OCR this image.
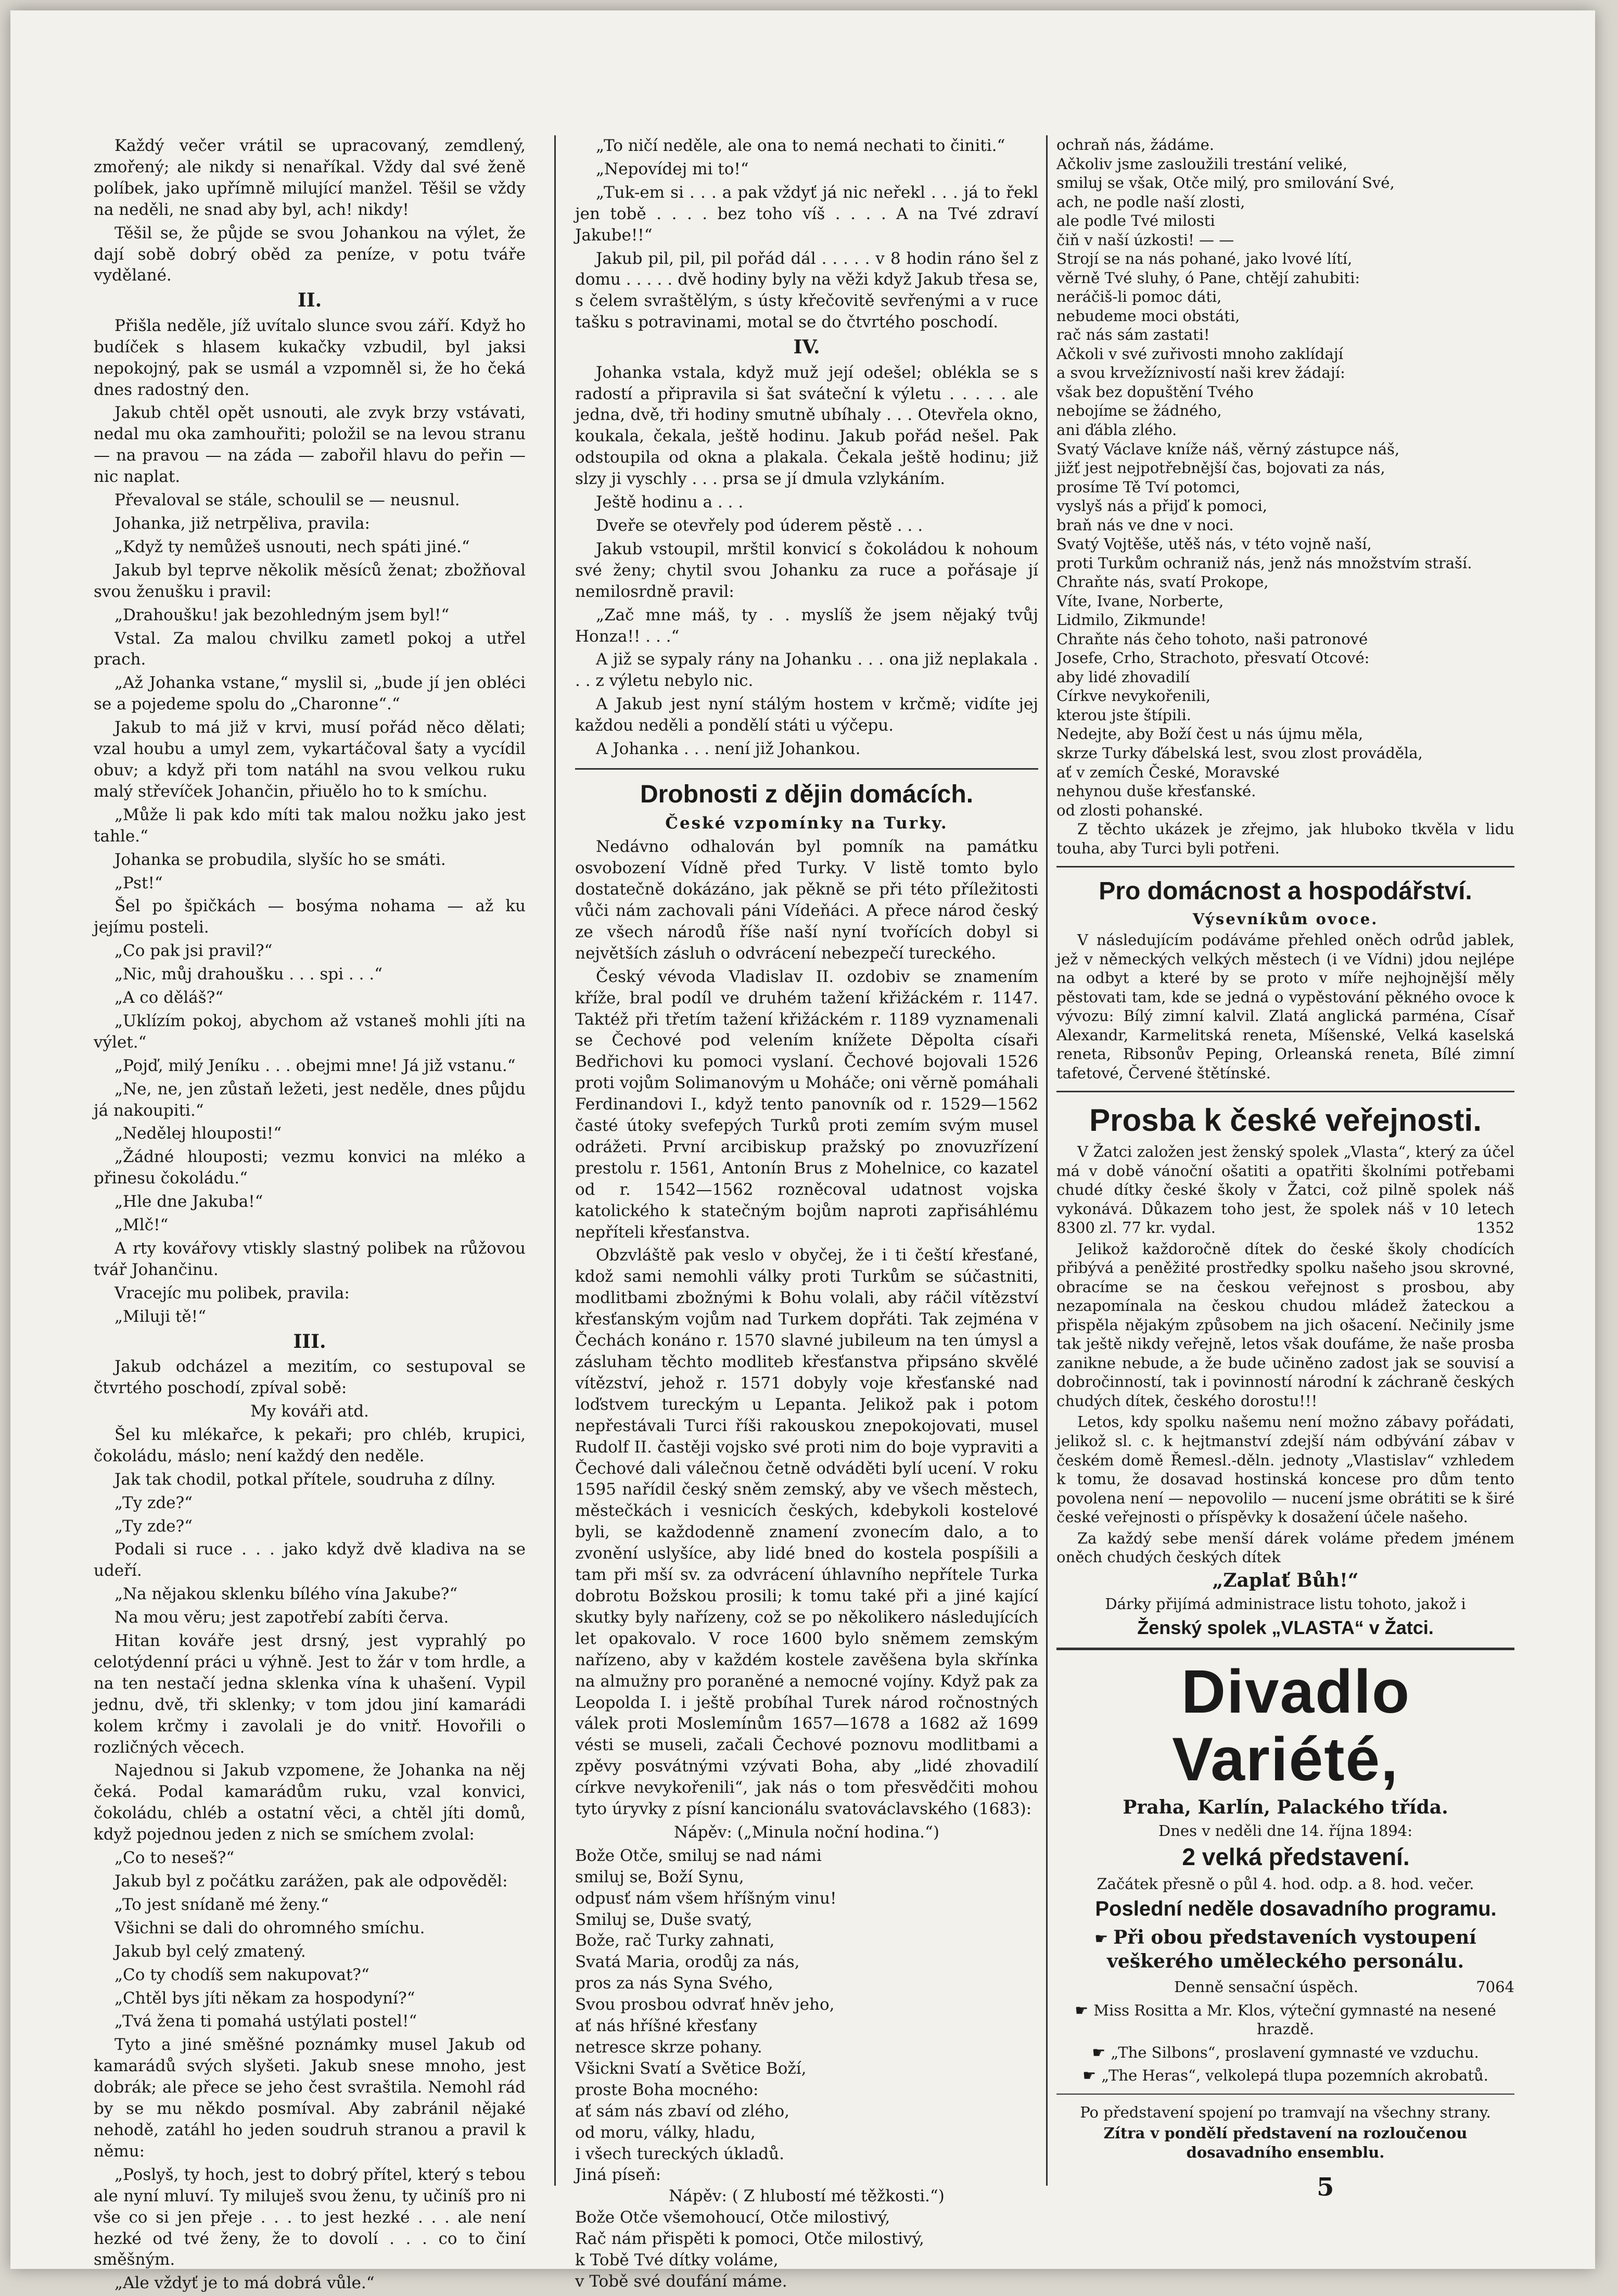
Každý večer vrátil se upracovaný, zemdlený, zmořený; ale nikdy si nenaříkal. Vždy dal své ženě políbek, jako upřímně milující manžel. Těšil se vždy na neděli, ne snad aby byl, ach! nikdy!

Těšil se, že půjde se svou Johankou na výlet, že dají sobě dobrý oběd za peníze, v potu tváře vydělané.

II.

Přišla neděle, jíž uvítalo slunce svou září. Když ho budíček s hlasem kukačky vzbudil, byl jaksi nepokojný, pak se usmál a vzpomněl si, že ho čeká dnes radostný den.

Jakub chtěl opět usnouti, ale zvyk brzy vstávati, nedal mu oka zamhouřiti; položil se na levou stranu — na pravou — na záda — zabořil hlavu do peřin — nic naplat.

Převaloval se stále, schoulil se — neusnul.

Johanka, již netrpěliva, pravila:

„Když ty nemůžeš usnouti, nech spáti jiné.“

Jakub byl teprve několik měsíců ženat; zbožňoval svou ženušku i pravil:

„Drahoušku! jak bezohledným jsem byl!“

Vstal. Za malou chvilku zametl pokoj a utřel prach.

„Až Johanka vstane,“ myslil si, „bude jí jen obléci se a pojedeme spolu do „Charonne“.“

Jakub to má již v krvi, musí pořád něco dělati; vzal houbu a umyl zem, vykartáčoval šaty a vycídil obuv; a když při tom natáhl na svou velkou ruku malý střevíček Johančin, přiuělo ho to k smíchu.

„Může li pak kdo míti tak malou nožku jako jest tahle.“

Johanka se probudila, slyšíc ho se smáti.

„Pst!“

Šel po špičkách — bosýma nohama — až ku jejímu posteli.

„Co pak jsi pravil?“

„Nic, můj drahoušku . . . spi . . .“

„A co děláš?“

„Uklízím pokoj, abychom až vstaneš mohli jíti na výlet.“

„Pojď, milý Jeníku . . . obejmi mne! Já již vstanu.“

„Ne, ne, jen zůstaň ležeti, jest neděle, dnes půjdu já nakoupiti.“

„Nedělej hlouposti!“

„Žádné hlouposti; vezmu konvici na mléko a přinesu čokoládu.“

„Hle dne Jakuba!“

„Mlč!“

A rty kovářovy vtiskly slastný polibek na růžovou tvář Johančinu.

Vracejíc mu polibek, pravila:

„Miluji tě!“

III.

Jakub odcházel a mezitím, co sestupoval se čtvrtého poschodí, zpíval sobě:

My kováři atd.

Šel ku mlékařce, k pekaři; pro chléb, krupici, čokoládu, máslo; není každý den neděle.

Jak tak chodil, potkal přítele, soudruha z dílny.

„Ty zde?“

„Ty zde?“

Podali si ruce . . . jako když dvě kladiva na se udeří.

„Na nějakou sklenku bílého vína Jakube?“

Na mou věru; jest zapotřebí zabíti červa.

Hitan kováře jest drsný, jest vyprahlý po celotýdenní práci u výhně. Jest to žár v tom hrdle, a na ten nestačí jedna sklenka vína k uhašení. Vypil jednu, dvě, tři sklenky; v tom jdou jiní kamarádi kolem krčmy i zavolali je do vnitř. Hovořili o rozličných věcech.

Najednou si Jakub vzpomene, že Johanka na něj čeká. Podal kamarádům ruku, vzal konvici, čokoládu, chléb a ostatní věci, a chtěl jíti domů, když pojednou jeden z nich se smíchem zvolal:

„Co to neseš?“

Jakub byl z počátku zarážen, pak ale odpověděl:

„To jest snídaně mé ženy.“

Všichni se dali do ohromného smíchu.

Jakub byl celý zmatený.

„Co ty chodíš sem nakupovat?“

„Chtěl bys jíti někam za hospodyní?“

„Tvá žena ti pomahá ustýlati postel!“

Tyto a jiné směšné poznámky musel Jakub od kamarádů svých slyšeti. Jakub snese mnoho, jest dobrák; ale přece se jeho čest svraštila. Nemohl rád by se mu někdo posmíval. Aby zabránil nějaké nehodě, zatáhl ho jeden soudruh stranou a pravil k němu:

„Poslyš, ty hoch, jest to dobrý přítel, který s tebou ale nyní mluví. Ty miluješ svou ženu, ty učiníš pro ni vše co si jen přeje . . . to jest hezké . . . ale není hezké od tvé ženy, že to dovolí . . . co to činí směšným.

„Ale vždyť je to má dobrá vůle.“

„To ničí neděle, ale ona to nemá nechati to činiti.“

„Nepovídej mi to!“

„Tuk-em si . . . a pak vždyť já nic neřekl . . . já to řekl jen tobě . . . . bez toho víš . . . . A na Tvé zdraví Jakube!!“

Jakub pil, pil, pil pořád dál . . . . . v 8 hodin ráno šel z domu . . . . . dvě hodiny byly na věži když Jakub třesa se, s čelem svraštělým, s ústy křečovitě sevřenými a v ruce tašku s potravinami, motal se do čtvrtého poschodí.

IV.

Johanka vstala, když muž její odešel; oblékla se s radostí a připravila si šat sváteční k výletu . . . . . ale jedna, dvě, tři hodiny smutně ubíhaly . . . Otevřela okno, koukala, čekala, ještě hodinu. Jakub pořád nešel. Pak odstoupila od okna a plakala. Čekala ještě hodinu; již slzy ji vyschly . . . prsa se jí dmula vzlykáním.

Ještě hodinu a . . .

Dveře se otevřely pod úderem pěstě . . .

Jakub vstoupil, mrštil konvicí s čokoládou k nohoum své ženy; chytil svou Johanku za ruce a pořásaje jí nemilosrdně pravil:

„Zač mne máš, ty . . myslíš že jsem nějaký tvůj Honza!! . . .“

A již se sypaly rány na Johanku . . . ona již neplakala . . . z výletu nebylo nic.

A Jakub jest nyní stálým hostem v krčmě; vidíte jej každou neděli a pondělí státi u výčepu.

A Johanka . . . není již Johankou.

Drobnosti z dějin domácích.

České vzpomínky na Turky.

Nedávno odhalován byl pomník na památku osvobození Vídně před Turky. V listě tomto bylo dostatečně dokázáno, jak pěkně se při této příležitosti vůči nám zachovali páni Vídeňáci. A přece národ český ze všech národů říše naší nyní tvořících dobyl si největších zásluh o odvrácení nebezpečí tureckého.

Český vévoda Vladislav II. ozdobiv se znamením kříže, bral podíl ve druhém tažení křižáckém r. 1147. Taktéž při třetím tažení křižáckém r. 1189 vyznamenali se Čechové pod velením knížete Děpolta císaři Bedřichovi ku pomoci vyslaní. Čechové bojovali 1526 proti vojům Solimanovým u Moháče; oni věrně pomáhali Ferdinandovi I., když tento panovník od r. 1529—1562 časté útoky svefepých Turků proti zemím svým musel odrážeti. První arcibiskup pražský po znovuzřízení prestolu r. 1561, Antonín Brus z Mohelnice, co kazatel od r. 1542—1562 rozněcoval udatnost vojska katolického k statečným bojům naproti zapřisáhlému nepříteli křesťanstva.

Obzvláště pak veslo v obyčej, že i ti čeští křesťané, kdož sami nemohli války proti Turkům se súčastniti, modlitbami zbožnými k Bohu volali, aby ráčil vítězství křesťanským vojům nad Turkem dopřáti. Tak zejména v Čechách konáno r. 1570 slavné jubileum na ten úmysl a zásluham těchto modliteb křesťanstva připsáno skvělé vítězství, jehož r. 1571 dobyly voje křesťanské nad loďstvem tureckým u Lepanta. Jelikož pak i potom nepřestávali Turci říši rakouskou znepokojovati, musel Rudolf II. častěji vojsko své proti nim do boje vypraviti a Čechové dali válečnou četně odváděti bylí ucení. V roku 1595 nařídil český sněm zemský, aby ve všech městech, městečkách i vesnicích českých, kdebykoli kostelové byli, se každodenně znamení zvonecím dalo, a to zvonění uslyšíce, aby lidé bned do kostela pospíšili a tam při mší sv. za odvrácení úhlavního nepřítele Turka dobrotu Božskou prosili; k tomu také při a jiné kající skutky byly nařízeny, což se po několikero následujících let opakovalo. V roce 1600 bylo sněmem zemským nařízeno, aby v každém kostele zavěšena byla skřínka na almužny pro poraněné a nemocné vojíny. Když pak za Leopolda I. i ještě probíhal Turek národ ročnostných válek proti Moslemínům 1657—1678 a 1682 až 1699 vésti se museli, začali Čechové poznovu modlitbami a zpěvy posvátnými vzývati Boha, aby „lidé zhovadilí církve nevykořenili“, jak nás o tom přesvědčiti mohou tyto úryvky z písní kancionálu svatováclavského (1683):

Nápěv: („Minula noční hodina.“)

Bože Otče, smiluj se nad námi

smiluj se, Boží Synu,

odpusť nám všem hříšným vinu!

Smiluj se, Duše svatý,

Bože, rač Turky zahnati,

Svatá Maria, orodůj za nás,

pros za nás Syna Svého,

Svou prosbou odvrať hněv jeho,

ať nás hříšné křesťany

netresce skrze pohany.

Všickni Svatí a Světice Boží,

proste Boha mocného:

ať sám nás zbaví od zlého,

od moru, války, hladu,

i všech tureckých úkladů.

Jiná píseň:

Nápěv: ( Z hlubostí mé těžkosti.“)

Bože Otče všemohoucí, Otče milostivý,

Rač nám přispěti k pomoci, Otče milostivý,

k Tobě Tvé dítky voláme,

v Tobě své doufání máme.

ochraň nás, žádáme.

Ačkoliv jsme zasloužili trestání veliké,

smiluj se však, Otče milý, pro smilování Své,

ach, ne podle naší zlosti,

ale podle Tvé milosti

čiň v naší úzkosti! — —

Strojí se na nás pohané, jako lvové lítí,

věrně Tvé sluhy, ó Pane, chtějí zahubiti:

neráčiš-li pomoc dáti,

nebudeme moci obstáti,

rač nás sám zastati!

Ačkoli v své zuřivosti mnoho zaklídají

a svou krvežíznivostí naši krev žádají:

však bez dopuštění Tvého

nebojíme se žádného,

ani ďábla zlého.

Svatý Václave kníže náš, věrný zástupce náš,

jižť jest nejpotřebnější čas, bojovati za nás,

prosíme Tě Tví potomci,

vyslyš nás a přijď k pomoci,

braň nás ve dne v noci.

Svatý Vojtěše, utěš nás, v této vojně naší,

proti Turkům ochraniž nás, jenž nás množstvím straší.

Chraňte nás, svatí Prokope,

Víte, Ivane, Norberte,

Lidmilo, Zikmunde!

Chraňte nás čeho tohoto, naši patronové

Josefe, Crho, Strachoto, přesvatí Otcové:

aby lidé zhovadilí

Církve nevykořenili,

kterou jste štípili.

Nedejte, aby Boží čest u nás újmu měla,

skrze Turky ďábelská lest, svou zlost prováděla,

ať v zemích České, Moravské

nehynou duše křesťanské.

od zlosti pohanské.

Z těchto ukázek je zřejmo, jak hluboko tkvěla v lidu touha, aby Turci byli potřeni.

Pro domácnost a hospodářství.

Výsevníkům ovoce.

V následujícím podáváme přehled oněch odrůd jablek, jež v německých velkých městech (i ve Vídni) jdou nejlépe na odbyt a které by se proto v míře nejhojnější měly pěstovati tam, kde se jedná o vypěstování pěkného ovoce k vývozu: Bílý zimní kalvil. Zlatá anglická parména, Císař Alexandr, Karmelitská reneta, Míšenské, Velká kaselská reneta, Ribsonův Peping, Orleanská reneta, Bílé zimní tafetové, Červené štětínské.

Prosba k české veřejnosti.

V Žatci založen jest ženský spolek „Vlasta“, který za účel má v době vánoční ošatiti a opatřiti školními potřebami chudé dítky české školy v Žatci, což pilně spolek náš vykonává. Důkazem toho jest, že spolek náš v 10 letech 8300 zl. 77 kr. vydal.	1352

Jelikož každoročně dítek do české školy chodících přibývá a peněžité prostředky spolku našeho jsou skrovné, obracíme se na českou veřejnost s prosbou, aby nezapomínala na českou chudou mládež žateckou a přispěla nějakým způsobem na jich ošacení. Nečinily jsme tak ještě nikdy veřejně, letos však doufáme, že naše prosba zanikne nebude, a že bude učiněno zadost jak se souvisí a dobročinností, tak i povinností národní k záchraně českých chudých dítek, českého dorostu!!!

Letos, kdy spolku našemu není možno zábavy pořádati, jelikož sl. c. k hejtmanství zdejší nám odbývání zábav v českém domě Řemesl.-děln. jednoty „Vlastislav“ vzhledem k tomu, že dosavad hostinská koncese pro dům tento povolena není — nepovolilo — nucení jsme obrátiti se k širé české veřejnosti o příspěvky k dosažení účele našeho.

Za každý sebe menší dárek voláme předem jménem oněch chudých českých dítek

„Zaplať Bůh!“

Dárky přijímá administrace listu tohoto, jakož i

Ženský spolek „VLASTA“ v Žatci.

Divadlo Variété,

Praha, Karlín, Palackého třída.

Dnes v neděli dne 14. října 1894:

2 velká představení.

Začátek přesně o půl 4. hod. odp. a 8. hod. večer.

Poslední neděle dosavadního programu.

☛ Při obou představeních vystoupení veškerého uměleckého personálu.

Denně sensační úspěch.	7064

☛ Miss Rositta a Mr. Klos, výteční gymnasté na nesené hrazdě.

☛ „The Silbons“, proslavení gymnasté ve vzduchu.

☛ „The Heras“, velkolepá tlupa pozemních akrobatů.

Po představení spojení po tramvají na všechny strany.

Zítra v pondělí představení na rozloučenou dosavadního ensemblu.

5
